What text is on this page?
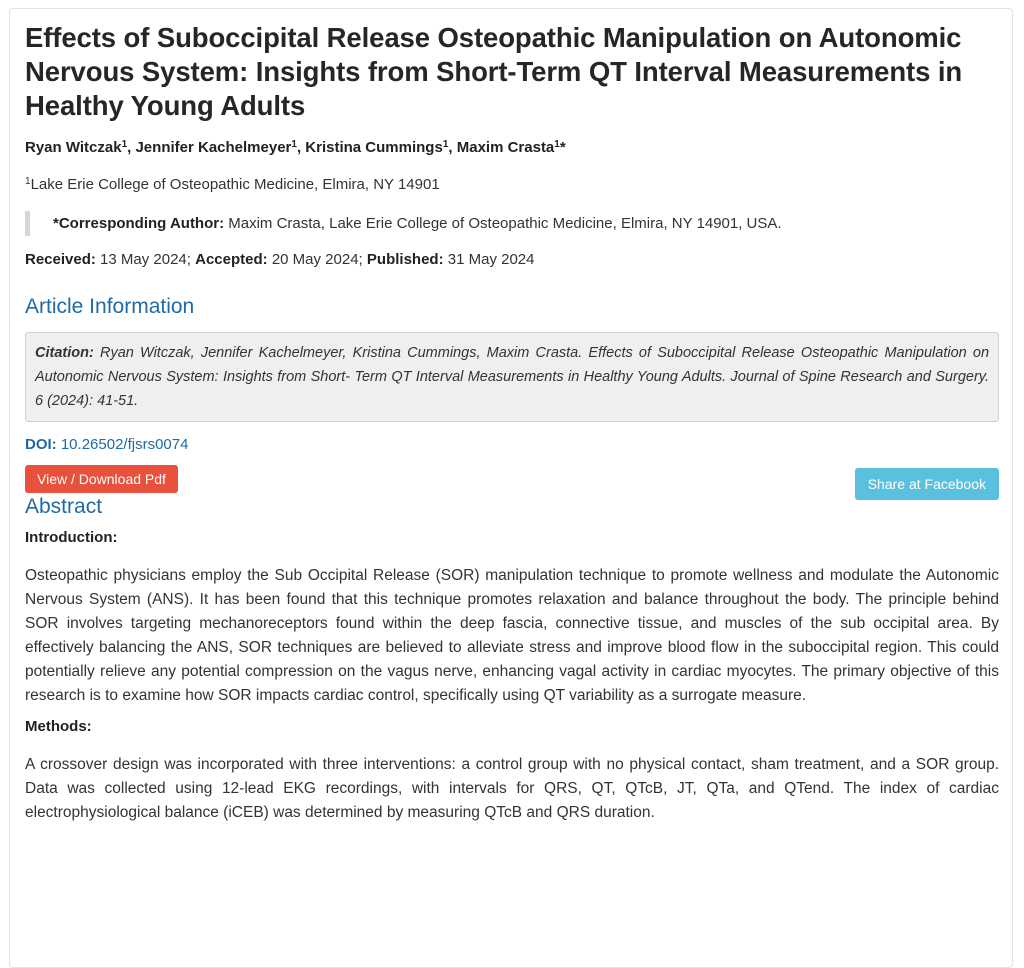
Effects of Suboccipital Release Osteopathic Manipulation on Autonomic Nervous System: Insights from Short-Term QT Interval Measurements in Healthy Young Adults
Ryan Witczak$^1$, Jennifer Kachelmeyer$^1$, Kristina Cummings$^1$, Maxim Crasta$^1$*
$^1$Lake Erie College of Osteopathic Medicine, Elmira, NY 14901
*Corresponding Author: Maxim Crasta, Lake Erie College of Osteopathic Medicine, Elmira, NY 14901, USA.
Received: 13 May 2024; Accepted: 20 May 2024; Published: 31 May 2024
Article Information
Citation: Ryan Witczak, Jennifer Kachelmeyer, Kristina Cummings, Maxim Crasta. Effects of Suboccipital Release Osteopathic Manipulation on Autonomic Nervous System: Insights from Short- Term QT Interval Measurements in Healthy Young Adults. Journal of Spine Research and Surgery. 6 (2024): 41-51.
DOI: 10.26502/fjsrs0074
View / Download Pdf	Share at Facebook
Abstract
Introduction:

Osteopathic physicians employ the Sub Occipital Release (SOR) manipulation technique to promote wellness and modulate the Autonomic Nervous System (ANS). It has been found that this technique promotes relaxation and balance throughout the body. The principle behind SOR involves targeting mechanoreceptors found within the deep fascia, connective tissue, and muscles of the sub occipital area. By effectively balancing the ANS, SOR techniques are believed to alleviate stress and improve blood flow in the suboccipital region. This could potentially relieve any potential compression on the vagus nerve, enhancing vagal activity in cardiac myocytes. The primary objective of this research is to examine how SOR impacts cardiac control, specifically using QT variability as a surrogate measure.

Methods:

A crossover design was incorporated with three interventions: a control group with no physical contact, sham treatment, and a SOR group. Data was collected using 12-lead EKG recordings, with intervals for QRS, QT, QTcB, JT, QTa, and QTend. The index of cardiac electrophysiological balance (iCEB) was determined by measuring QTcB and QRS duration.
